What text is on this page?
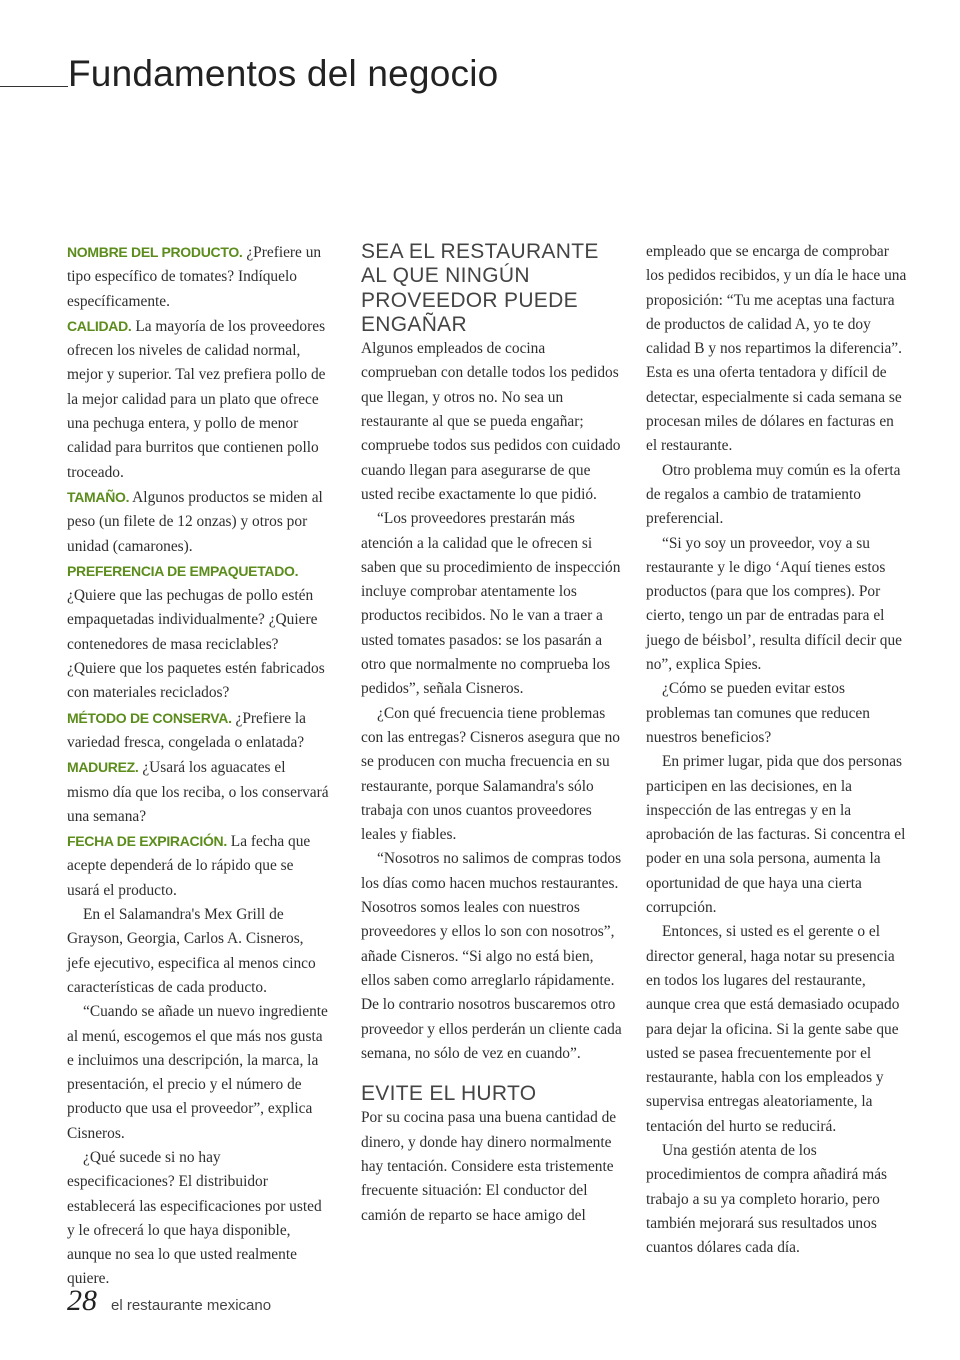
Fundamentos del negocio

NOMBRE DEL PRODUCTO. ¿Prefiere un tipo específico de tomates? Indíquelo específicamente.

CALIDAD. La mayoría de los proveedores ofrecen los niveles de calidad normal, mejor y superior. Tal vez prefiera pollo de la mejor calidad para un plato que ofrece una pechuga entera, y pollo de menor calidad para burritos que contienen pollo troceado.

TAMAÑO. Algunos productos se miden al peso (un filete de 12 onzas) y otros por unidad (camarones).

PREFERENCIA DE EMPAQUETADO. ¿Quiere que las pechugas de pollo estén empaquetadas individualmente? ¿Quiere contenedores de masa reciclables? ¿Quiere que los paquetes estén fabricados con materiales reciclados?

MÉTODO DE CONSERVA. ¿Prefiere la variedad fresca, congelada o enlatada?

MADUREZ. ¿Usará los aguacates el mismo día que los reciba, o los conservará una semana?

FECHA DE EXPIRACIÓN. La fecha que acepte dependerá de lo rápido que se usará el producto.

En el Salamandra's Mex Grill de Grayson, Georgia, Carlos A. Cisneros, jefe ejecutivo, especifica al menos cinco características de cada producto.

“Cuando se añade un nuevo ingrediente al menú, escogemos el que más nos gusta e incluimos una descripción, la marca, la presentación, el precio y el número de producto que usa el proveedor”, explica Cisneros.

¿Qué sucede si no hay especificaciones? El distribuidor establecerá las especificaciones por usted y le ofrecerá lo que haya disponible, aunque no sea lo que usted realmente quiere.

SEA EL RESTAURANTE AL QUE NINGÚN PROVEEDOR PUEDE ENGAÑAR

Algunos empleados de cocina comprueban con detalle todos los pedidos que llegan, y otros no. No sea un restaurante al que se pueda engañar; compruebe todos sus pedidos con cuidado cuando llegan para asegurarse de que usted recibe exactamente lo que pidió.

“Los proveedores prestarán más atención a la calidad que le ofrecen si saben que su procedimiento de inspección incluye comprobar atentamente los productos recibidos. No le van a traer a usted tomates pasados: se los pasarán a otro que normalmente no comprueba los pedidos”, señala Cisneros.

¿Con qué frecuencia tiene problemas con las entregas? Cisneros asegura que no se producen con mucha frecuencia en su restaurante, porque Salamandra's sólo trabaja con unos cuantos proveedores leales y fiables.

“Nosotros no salimos de compras todos los días como hacen muchos restaurantes. Nosotros somos leales con nuestros proveedores y ellos lo son con nosotros”, añade Cisneros. “Si algo no está bien, ellos saben como arreglarlo rápidamente. De lo contrario nosotros buscaremos otro proveedor y ellos perderán un cliente cada semana, no sólo de vez en cuando”.

EVITE EL HURTO

Por su cocina pasa una buena cantidad de dinero, y donde hay dinero normalmente hay tentación. Considere esta tristemente frecuente situación: El conductor del camión de reparto se hace amigo del

empleado que se encarga de comprobar los pedidos recibidos, y un día le hace una proposición: “Tu me aceptas una factura de productos de calidad A, yo te doy calidad B y nos repartimos la diferencia”. Esta es una oferta tentadora y difícil de detectar, especialmente si cada semana se procesan miles de dólares en facturas en el restaurante.

Otro problema muy común es la oferta de regalos a cambio de tratamiento preferencial.

“Si yo soy un proveedor, voy a su restaurante y le digo ‘Aquí tienes estos productos (para que los compres). Por cierto, tengo un par de entradas para el juego de béisbol’, resulta difícil decir que no”, explica Spies.

¿Cómo se pueden evitar estos problemas tan comunes que reducen nuestros beneficios?

En primer lugar, pida que dos personas participen en las decisiones, en la inspección de las entregas y en la aprobación de las facturas. Si concentra el poder en una sola persona, aumenta la oportunidad de que haya una cierta corrupción.

Entonces, si usted es el gerente o el director general, haga notar su presencia en todos los lugares del restaurante, aunque crea que está demasiado ocupado para dejar la oficina. Si la gente sabe que usted se pasea frecuentemente por el restaurante, habla con los empleados y supervisa entregas aleatoriamente, la tentación del hurto se reducirá.

Una gestión atenta de los procedimientos de compra añadirá más trabajo a su ya completo horario, pero también mejorará sus resultados unos cuantos dólares cada día.

28 el restaurante mexicano
